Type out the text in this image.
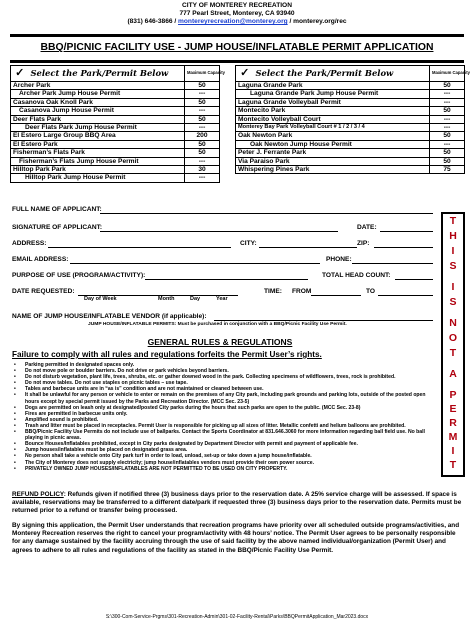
CITY OF MONTEREY RECREATION
777 Pearl Street, Monterey, CA 93940
(831) 646-3866 / montereyrecreation@monterey.org / monterey.org/rec
BBQ/PICNIC FACILITY USE - JUMP HOUSE/INFLATABLE PERMIT APPLICATION
✓	Select the Park/Permit Below	Maximum Capacity
Archer Park		50
Archer Park Jump House Permit		---
Casanova Oak Knoll Park		50
Casanova Jump House Permit		---
Deer Flats Park		50
Deer Flats Park Jump House Permit		---
El Estero Large Group BBQ Area		200
El Estero Park		50
Fisherman’s Flats Park		50
Fisherman’s Flats Jump House Permit		---
Hilltop Park Park		30
Hilltop Park Jump House Permit		---
✓	Select the Park/Permit Below	Maximum Capacity
Laguna Grande Park		50
Laguna Grande Park Jump House Permit		---
Laguna Grande Volleyball Permit		---
Montecito Park		50
Montecito Volleyball Court		---
Monterey Bay Park Volleyball Court # 1 / 2 / 3 / 4		---
Oak Newton Park		50
Oak Newton Jump House Permit		---
Peter J. Ferrante Park		50
Via Paraiso Park		50
Whispering Pines Park		75
FULL NAME OF APPLICANT:
SIGNATURE OF APPLICANT:	DATE:
ADDRESS:	CITY:	ZIP:
EMAIL ADDRESS:	PHONE:
PURPOSE OF USE (PROGRAM/ACTIVITY):	TOTAL HEAD COUNT:
DATE REQUESTED:
Day of Week	Month	Day	Year
TIME: FROM	TO
NAME OF JUMP HOUSE/INFLATABLE VENDOR (if applicable):
JUMP HOUSE/INFLATABLE PERMITS: Must be purchased in conjunction with a BBQ/Picnic Facility Use Permit.
T
H
I
S
I
S
N
O
T
A
P
E
R
M
I
T
GENERAL RULES & REGULATIONS
Failure to comply with all rules and regulations forfeits the Permit User’s rights.
• Parking permitted in designated spaces only.
• Do not move pole or boulder barriers. Do not drive or park vehicles beyond barriers.
• Do not disturb vegetation, plant life, trees, shrubs, etc. or gather downed wood in the park. Collecting specimens of wildflowers, trees, rock is prohibited.
• Do not move tables. Do not use staples on picnic tables – use tape.
• Tables and barbecue units are in “as is” condition and are not maintained or cleaned between use.
• It shall be unlawful for any person or vehicle to enter or remain on the premises of any City park, including park grounds and parking lots, outside of the posted open hours except by special permit issued by the Parks and Recreation Director. (MCC Sec. 23-5)
• Dogs are permitted on leash only at designated/posted City parks during the hours that such parks are open to the public. (MCC Sec. 23-8)
• Fires are permitted in barbecue units only.
• Amplified sound is prohibited.
• Trash and litter must be placed in receptacles. Permit User is responsible for picking up all sizes of litter. Metallic confetti and helium balloons are prohibited.
• BBQ/Picnic Facility Use Permits do not include use of ballparks. Contact the Sports Coordinator at 831.646.3060 for more information regarding ball field use. No ball playing in picnic areas.
• Bounce Houses/Inflatables prohibited, except in City parks designated by Department Director with permit and payment of applicable fee.
• Jump houses/inflatables must be placed on designated grass area.
• No person shall take a vehicle onto City park turf in order to load, unload, set-up or take down a jump house/inflatable.
• The City of Monterey does not supply electricity; jump house/inflatables vendors must provide their own power source.
• PRIVATELY OWNED JUMP HOUSES/INFLATABLES ARE NOT PERMITTED TO BE USED ON CITY PROPERTY.
REFUND POLICY: Refunds given if notified three (3) business days prior to the reservation date. A 25% service charge will be assessed. If space is available, reservations may be transferred to a different date/park if requested three (3) business days prior to the reservation date. Permits must be returned prior to a refund or transfer being processed.
By signing this application, the Permit User understands that recreation programs have priority over all scheduled outside programs/activities, and Monterey Recreation reserves the right to cancel your program/activity with 48 hours’ notice. The Permit User agrees to be personally responsible for any damage sustained by the facility accruing through the use of said facility by the above named individual/organization (Permit User) and agrees to adhere to all rules and regulations of the facility as stated in the BBQ/Picnic Facility Use Permit.
S:\300-Com-Service-Prgms\301-Recreation-Admin\301-02-Facility-Rental\Parks\BBQPermitApplication_Mar2023.docx
